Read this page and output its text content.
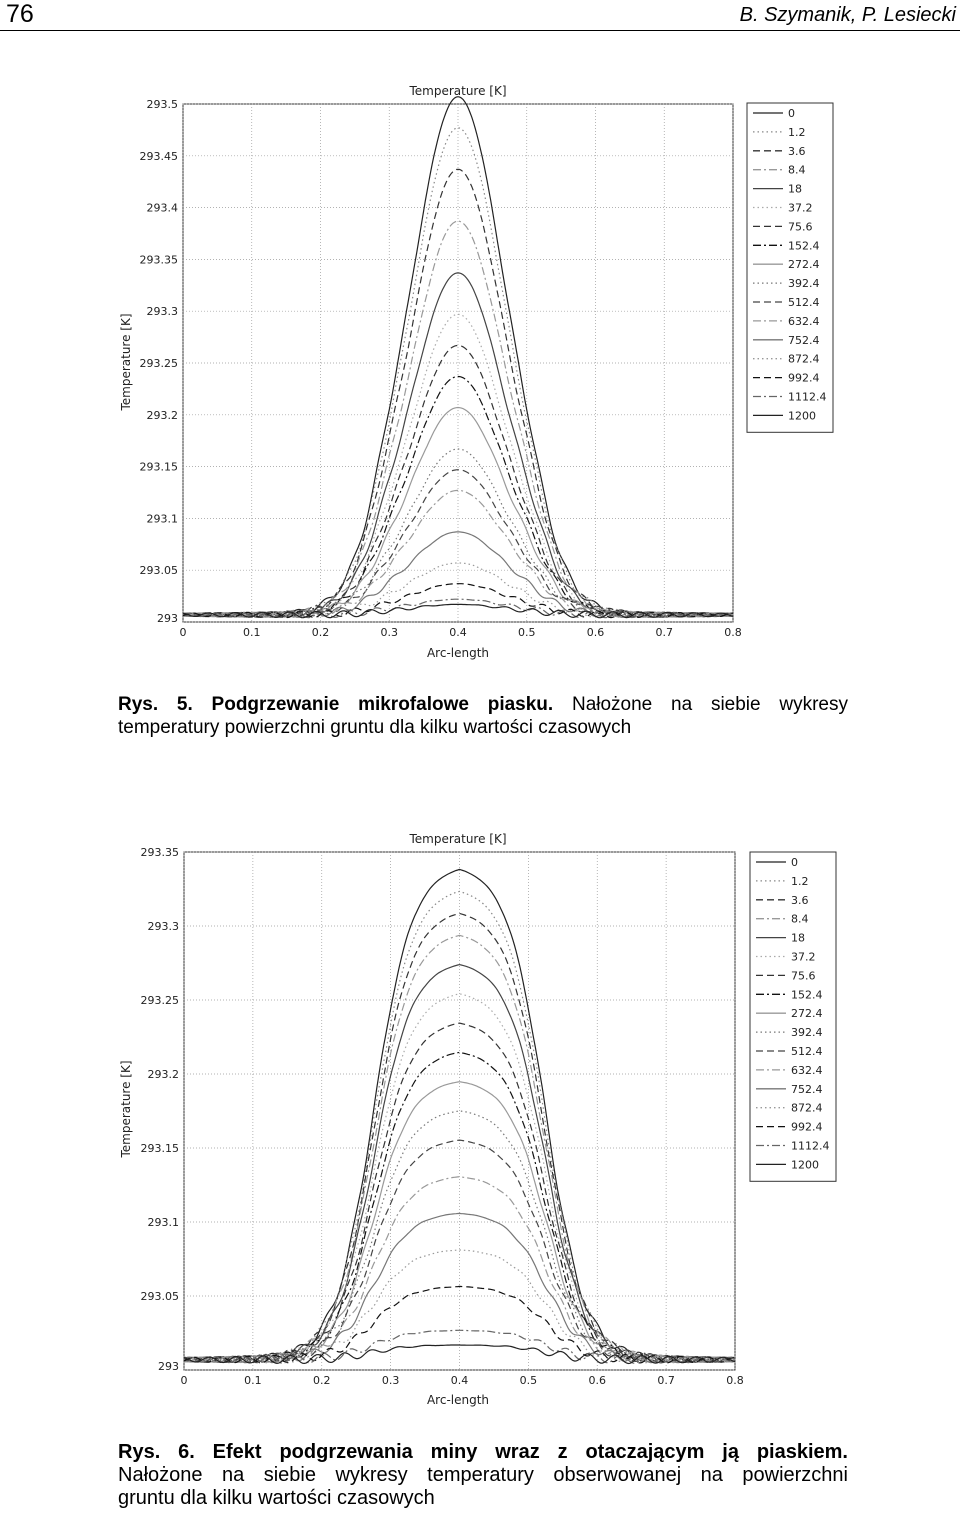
76	B. Szymanik, P. Lesiecki
Temperature [K]
Arc-length
Temperature [K]
0	0.1	0.2	0.3	0.4	0.5	0.6	0.7	0.8
293
293.05
293.1
293.15
293.2
293.25
293.3
293.35
293.4
293.45
293.5
0
1.2
3.6
8.4
18
37.2
75.6
152.4
272.4
392.4
512.4
632.4
752.4
872.4
992.4
1112.4
1200
Rys. 5. Podgrzewanie mikrofalowe piasku. Nałożone na siebie wykresy
temperatury powierzchni gruntu dla kilku wartości czasowych
Temperature [K]
Arc-length
Temperature [K]
0	0.1	0.2	0.3	0.4	0.5	0.6	0.7	0.8
293
293.05
293.1
293.15
293.2
293.25
293.3
293.35
0
1.2
3.6
8.4
18
37.2
75.6
152.4
272.4
392.4
512.4
632.4
752.4
872.4
992.4
1112.4
1200
Rys. 6. Efekt podgrzewania miny wraz z otaczającym ją piaskiem.
Nałożone na siebie wykresy temperatury obserwowanej na powierzchni
gruntu dla kilku wartości czasowych
